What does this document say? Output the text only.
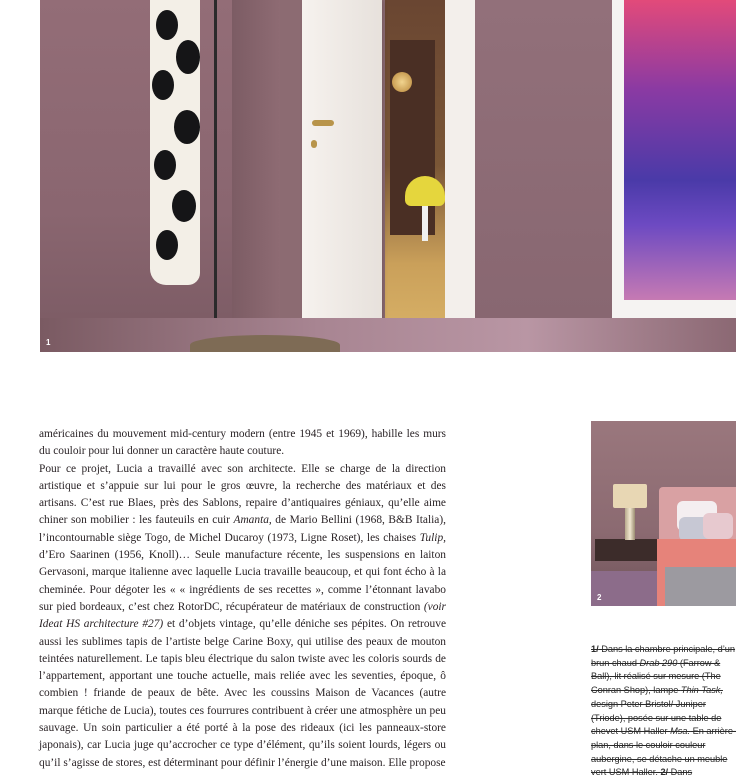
1
2

américaines du mouvement mid-century modern (entre 1945 et 1969), habille les murs du couloir pour lui donner un caractère haute couture.

Pour ce projet, Lucia a travaillé avec son architecte. Elle se charge de la direction artistique et s’appuie sur lui pour le gros œuvre, la recherche des matériaux et des artisans. C’est rue Blaes, près des Sablons, repaire d’antiquaires géniaux, qu’elle aime chiner son mobilier : les fauteuils en cuir Amanta, de Mario Bellini (1968, B&B Italia), l’incontournable siège Togo, de Michel Ducaroy (1973, Ligne Roset), les chaises Tulip, d’Ero Saarinen (1956, Knoll)… Seule manufacture récente, les suspensions en laiton Gervasoni, marque italienne avec laquelle Lucia travaille beaucoup, et qui font écho à la cheminée. Pour dégoter les « « ingrédients de ses recettes », comme l’étonnant lavabo sur pied bordeaux, c’est chez RotorDC, récupérateur de matériaux de construction (voir Ideat HS architecture #27) et d’objets vintage, qu’elle déniche ses pépites. On retrouve aussi les sublimes tapis de l’artiste belge Carine Boxy, qui utilise des peaux de mouton teintées naturellement. Le tapis bleu électrique du salon twiste avec les coloris sourds de l’appartement, apportant une touche actuelle, mais reliée avec les seventies, époque, ô combien ! friande de peaux de bête. Avec les coussins Maison de Vacances (autre marque fétiche de Lucia), toutes ces fourrures contribuent à créer une atmosphère un peu sauvage. Un soin particulier a été porté à la pose des rideaux (ici les panneaux-store japonais), car Lucia juge qu’accrocher ce type d’élément, qu’ils soient lourds, légers ou qu’il s’agisse de stores, est déterminant pour définir l’énergie d’une maison. Elle propose

1/ Dans la chambre principale, d’un brun chaud Drab 290 (Farrow & Ball), lit réalisé sur mesure (The Conran Shop), lampe Thin Task, design Peter Bristol/ Juniper (Triode), posée sur une table de chevet USM Haller Msa. En arrière-plan, dans le couloir couleur aubergine, se détache un meuble vert USM Haller. 2/ Dans
